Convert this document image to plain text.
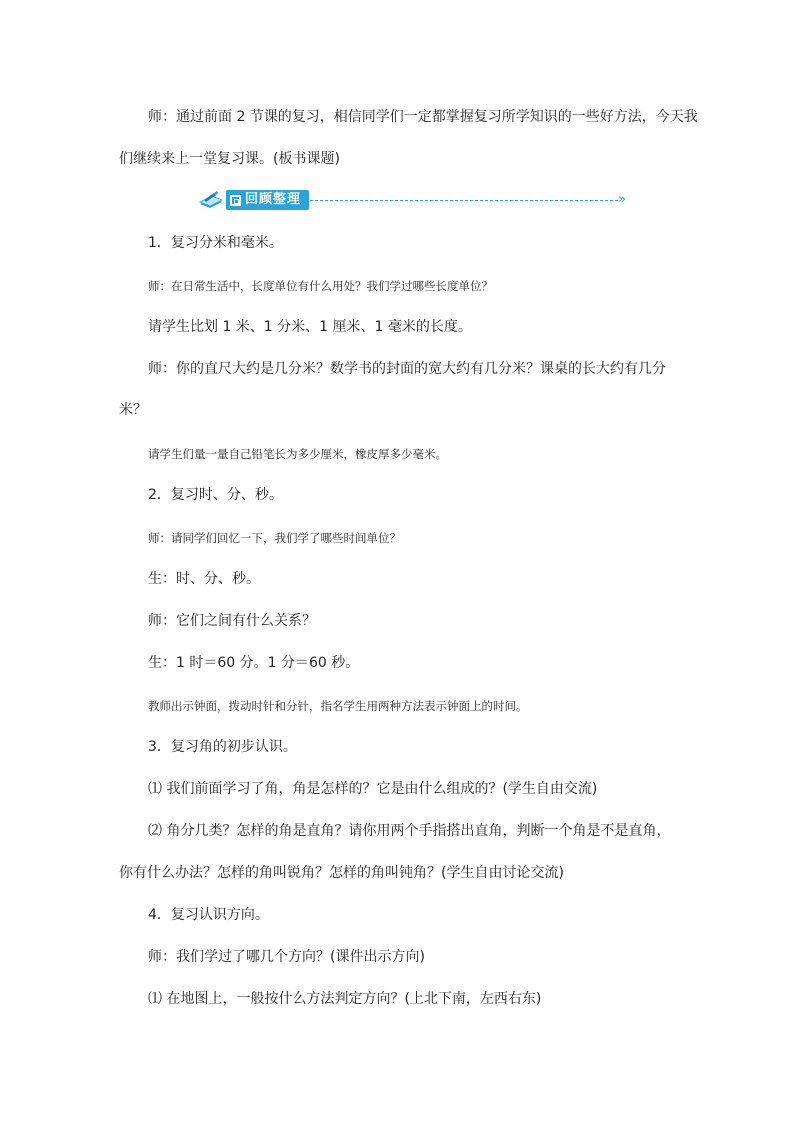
师：通过前面 2 节课的复习，相信同学们一定都掌握复习所学知识的一些好方法，今天我
们继续来上一堂复习课。(板书课题)
回顾整理	»
1．复习分米和毫米。
师：在日常生活中，长度单位有什么用处？我们学过哪些长度单位？
请学生比划 1 米、1 分米、1 厘米、1 毫米的长度。
师：你的直尺大约是几分米？数学书的封面的宽大约有几分米？课桌的长大约有几分
米？
请学生们量一量自己铅笔长为多少厘米，橡皮厚多少毫米。
2．复习时、分、秒。
师：请同学们回忆一下，我们学了哪些时间单位？
生：时、分、秒。
师：它们之间有什么关系？
生：1 时＝60 分。1 分＝60 秒。
教师出示钟面，拨动时针和分针，指名学生用两种方法表示钟面上的时间。
3．复习角的初步认识。
⑴ 我们前面学习了角，角是怎样的？它是由什么组成的？(学生自由交流)
⑵ 角分几类？怎样的角是直角？请你用两个手指搭出直角，判断一个角是不是直角，
你有什么办法？怎样的角叫锐角？怎样的角叫钝角？(学生自由讨论交流)
4．复习认识方向。
师：我们学过了哪几个方向？(课件出示方向)
⑴ 在地图上，一般按什么方法判定方向？(上北下南，左西右东)
